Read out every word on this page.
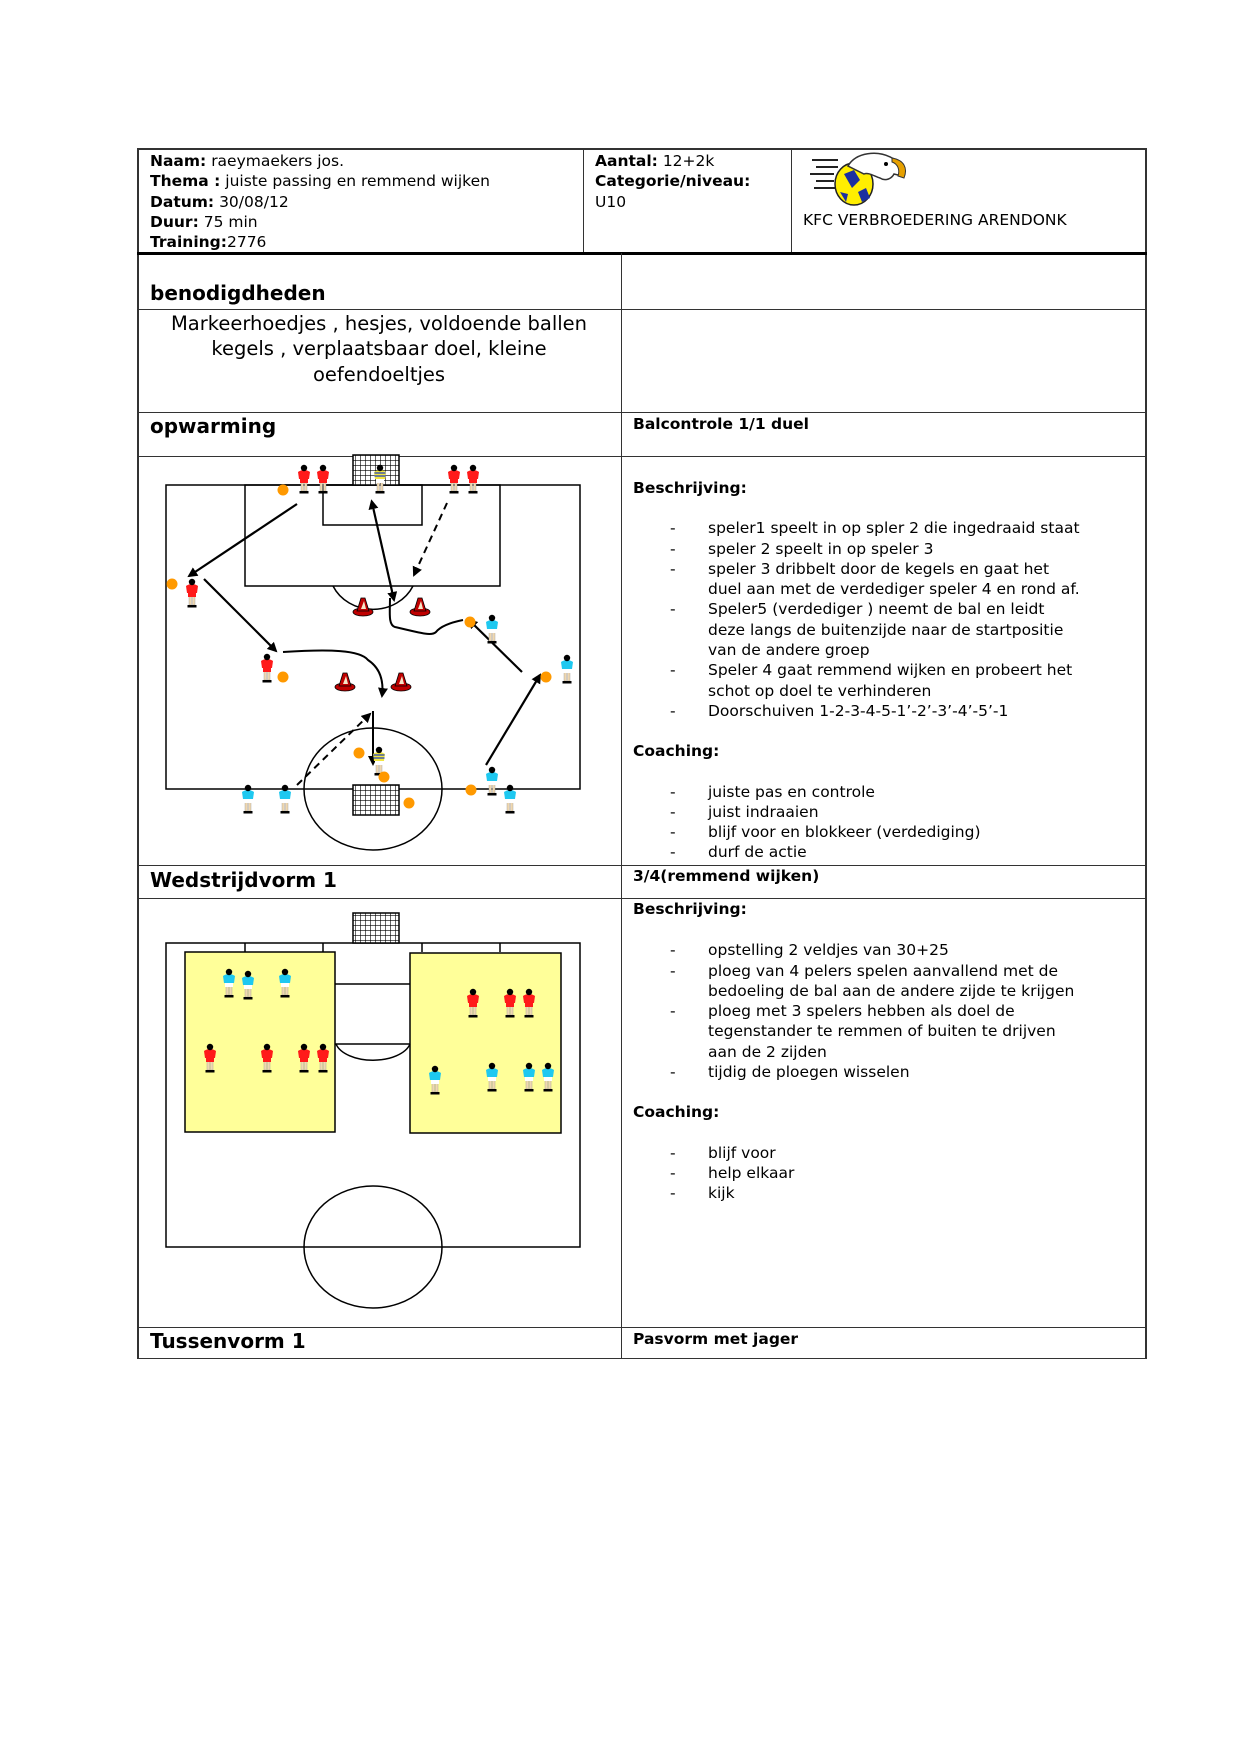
Naam: raeymaekers jos.
Thema : juiste passing en remmend wijken
Datum: 30/08/12
Duur: 75 min
Training:2776
Aantal: 12+2k
Categorie/niveau:
U10
KFC VERBROEDERING ARENDONK
benodigdheden
Markeerhoedjes , hesjes, voldoende ballen
kegels , verplaatsbaar doel, kleine
oefendoeltjes
opwarming	Balcontrole 1/1 duel
Beschrijving:
- speler1 speelt in op spler 2 die ingedraaid staat
- speler 2 speelt in op speler 3
- speler 3 dribbelt door de kegels en gaat het duel aan met de verdediger speler 4 en rond af.
- Speler5 (verdediger ) neemt de bal en leidt deze langs de buitenzijde naar de startpositie van de andere groep
- Speler 4 gaat remmend wijken en probeert het schot op doel te verhinderen
- Doorschuiven 1-2-3-4-5-1’-2’-3’-4’-5’-1
Coaching:
- juiste pas en controle
- juist indraaien
- blijf voor en blokkeer (verdediging)
- durf de actie
Wedstrijdvorm 1	3/4(remmend wijken)
Beschrijving:
- opstelling 2 veldjes van 30+25
- ploeg van 4 pelers spelen aanvallend met de bedoeling de bal aan de andere zijde te krijgen
- ploeg met 3 spelers hebben als doel de tegenstander te remmen of buiten te drijven aan de 2 zijden
- tijdig de ploegen wisselen
Coaching:
- blijf voor
- help elkaar
- kijk
Tussenvorm 1	Pasvorm met jager
